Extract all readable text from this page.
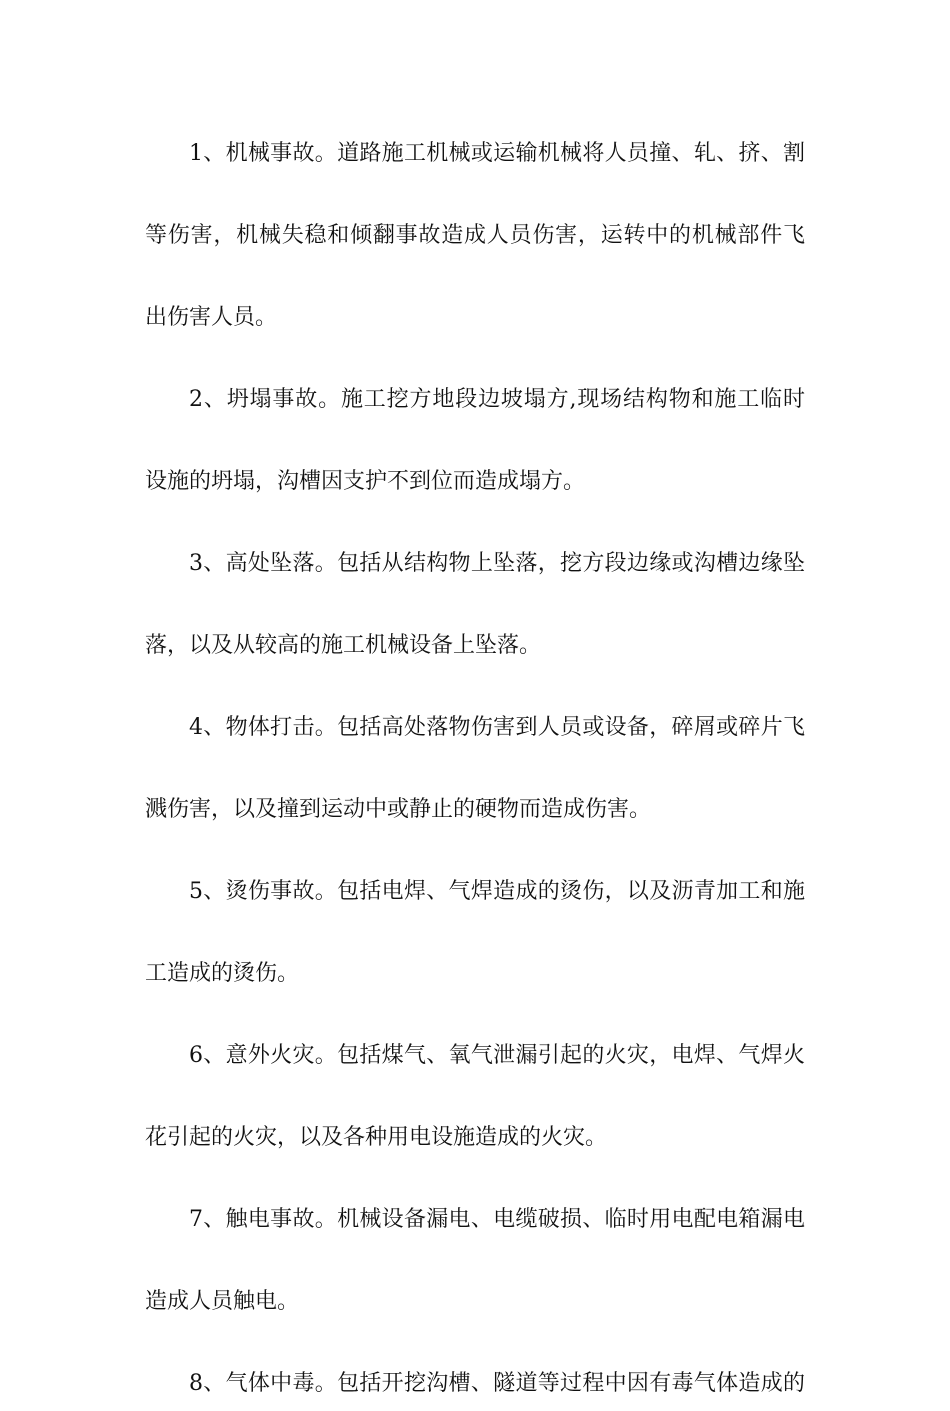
1、机械事故。道路施工机械或运输机械将人员撞、轧、挤、割
等伤害，机械失稳和倾翻事故造成人员伤害，运转中的机械部件飞
出伤害人员。
2、坍塌事故。施工挖方地段边坡塌方,现场结构物和施工临时
设施的坍塌，沟槽因支护不到位而造成塌方。
3、高处坠落。包括从结构物上坠落，挖方段边缘或沟槽边缘坠
落，以及从较高的施工机械设备上坠落。
4、物体打击。包括高处落物伤害到人员或设备，碎屑或碎片飞
溅伤害，以及撞到运动中或静止的硬物而造成伤害。
5、烫伤事故。包括电焊、气焊造成的烫伤，以及沥青加工和施
工造成的烫伤。
6、意外火灾。包括煤气、氧气泄漏引起的火灾，电焊、气焊火
花引起的火灾，以及各种用电设施造成的火灾。
7、触电事故。机械设备漏电、电缆破损、临时用电配电箱漏电
造成人员触电。
8、气体中毒。包括开挖沟槽、隧道等过程中因有毒气体造成的
